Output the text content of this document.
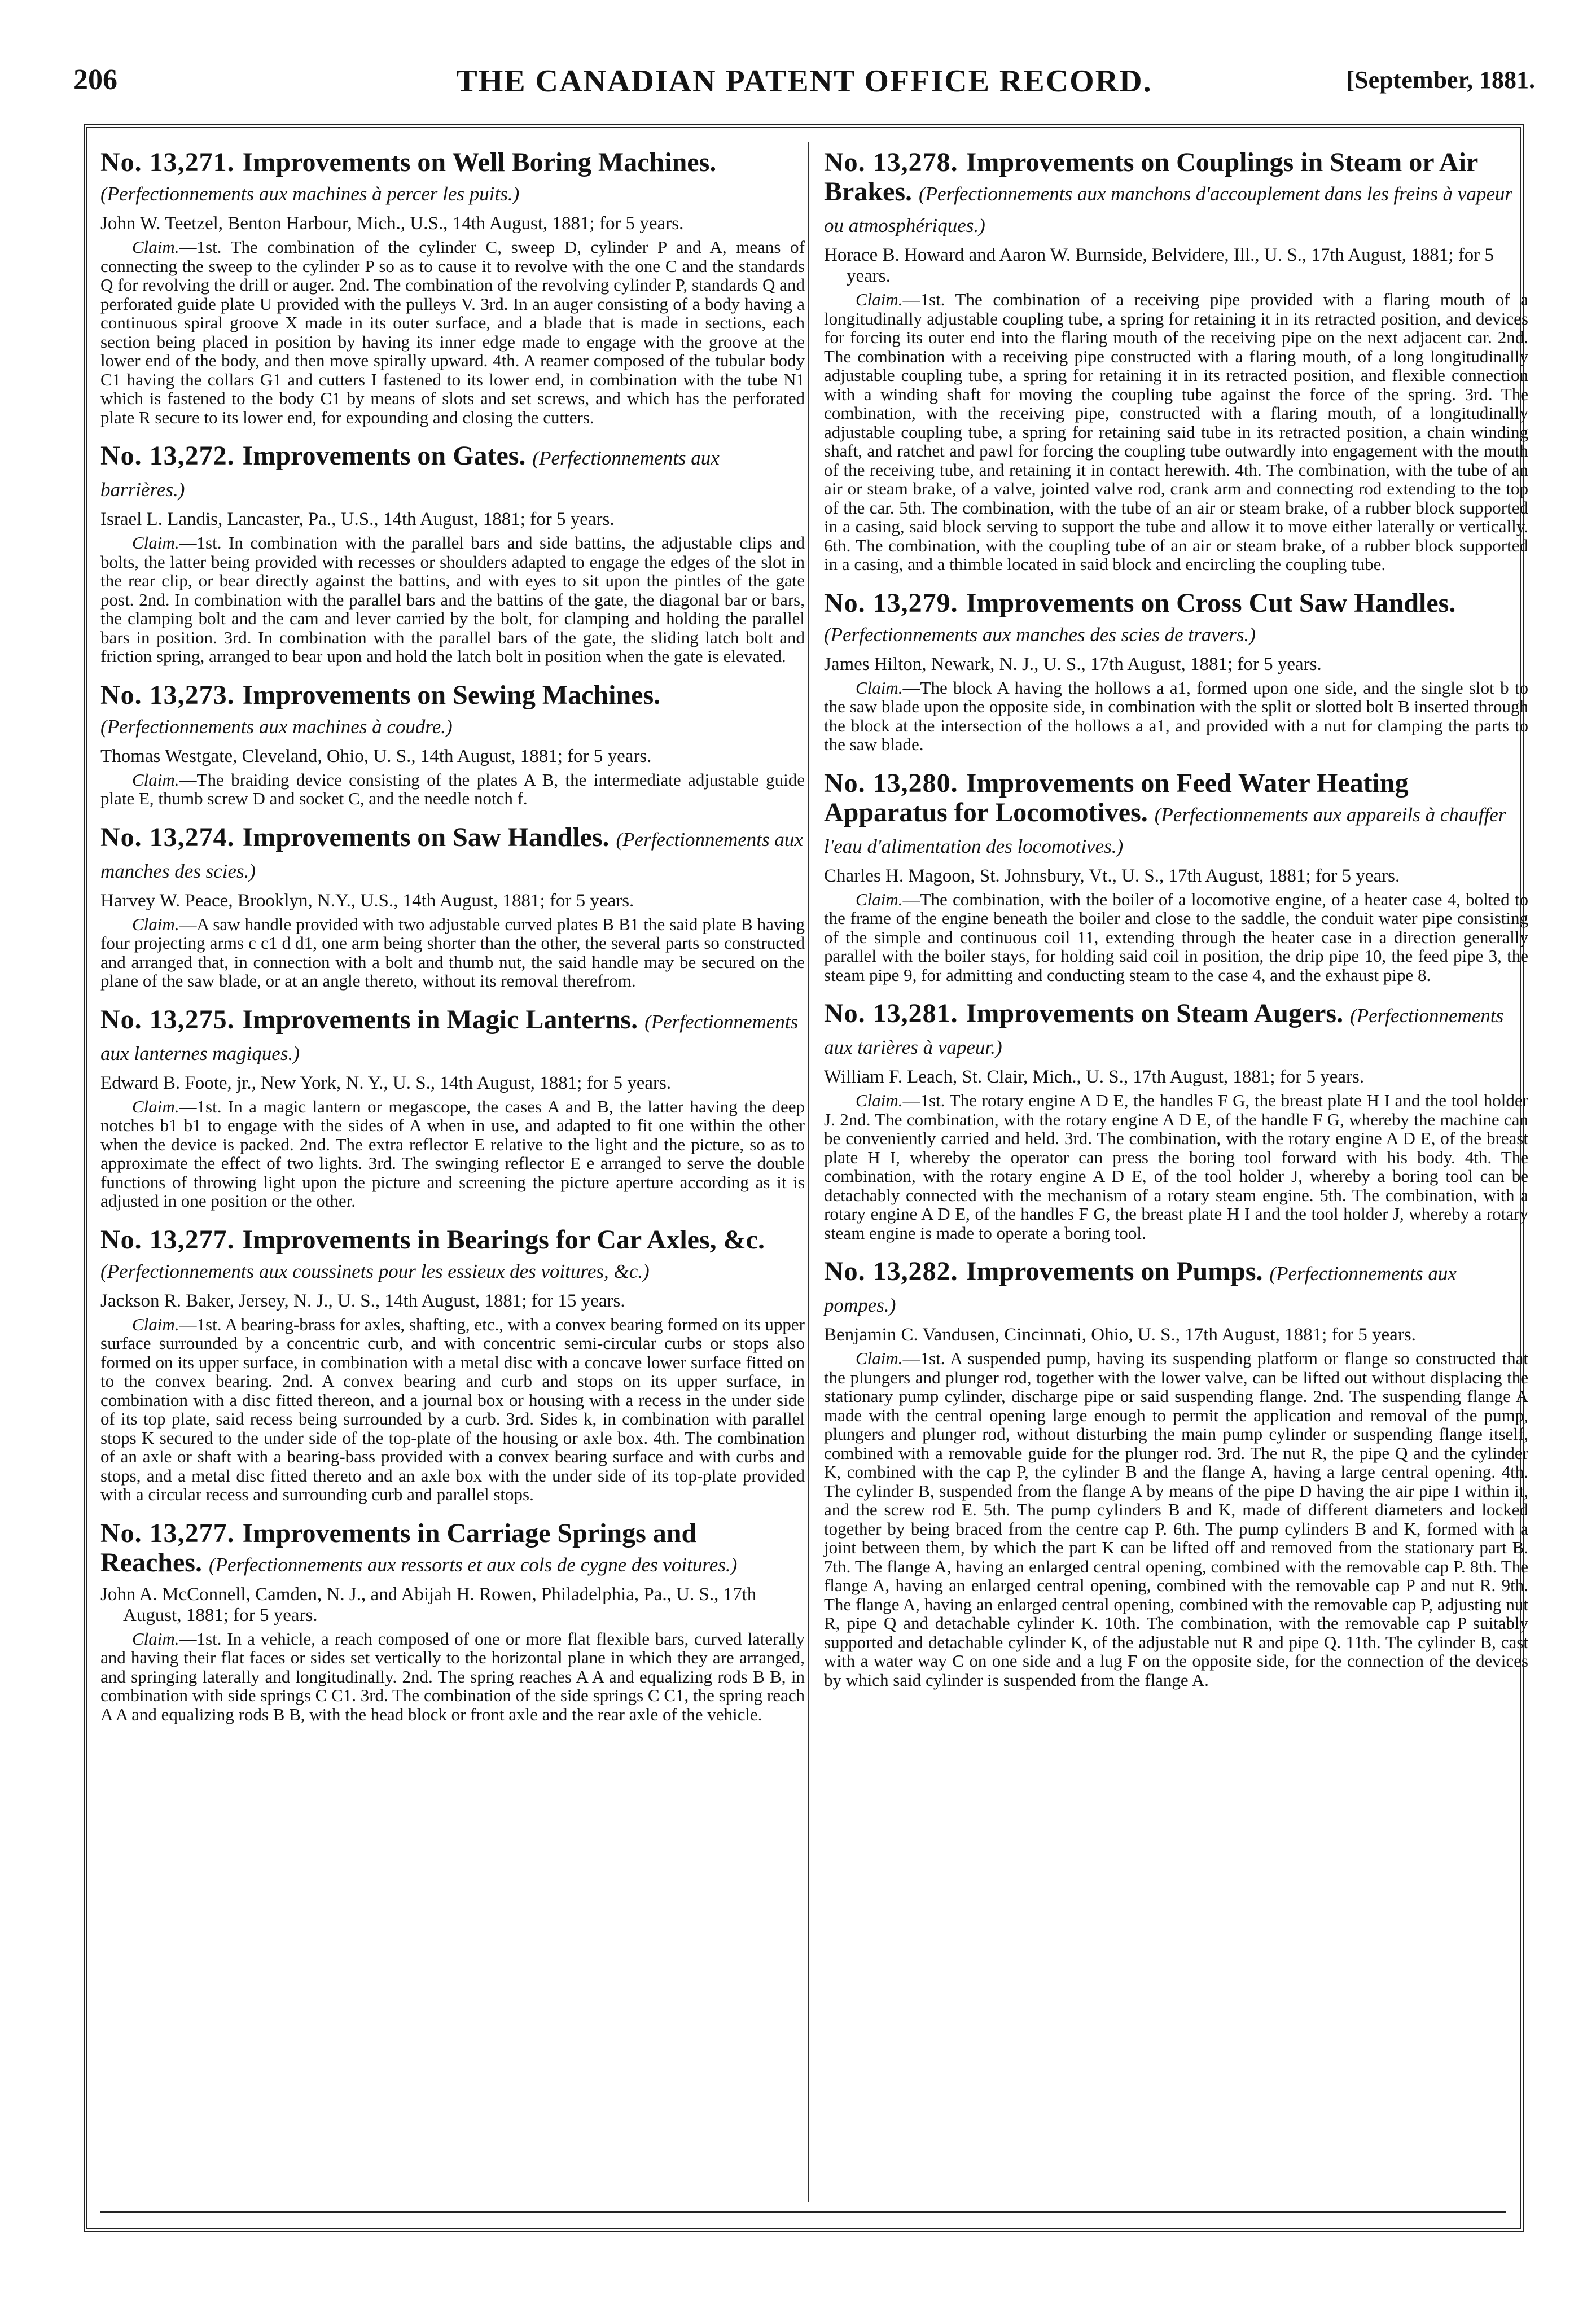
206	THE CANADIAN PATENT OFFICE RECORD.	[September, 1881.
No. 13,271. Improvements on Well Boring Machines. (Perfectionnements aux machines à percer les puits.)

John W. Teetzel, Benton Harbour, Mich., U.S., 14th August, 1881; for 5 years.

Claim.—1st. The combination of the cylinder C, sweep D, cylinder P and A, means of connecting the sweep to the cylinder P so as to cause it to revolve with the one C and the standards Q for revolving the drill or auger. 2nd. The combination of the revolving cylinder P, standards Q and perforated guide plate U provided with the pulleys V. 3rd. In an auger consisting of a body having a continuous spiral groove X made in its outer surface, and a blade that is made in sections, each section being placed in position by having its inner edge made to engage with the groove at the lower end of the body, and then move spirally upward. 4th. A reamer composed of the tubular body C1 having the collars G1 and cutters I fastened to its lower end, in combination with the tube N1 which is fastened to the body C1 by means of slots and set screws, and which has the perforated plate R secure to its lower end, for expounding and closing the cutters.

No. 13,272. Improvements on Gates. (Perfectionnements aux barrières.)

Israel L. Landis, Lancaster, Pa., U.S., 14th August, 1881; for 5 years.

Claim.—1st. In combination with the parallel bars and side battins, the adjustable clips and bolts, the latter being provided with recesses or shoulders adapted to engage the edges of the slot in the rear clip, or bear directly against the battins, and with eyes to sit upon the pintles of the gate post. 2nd. In combination with the parallel bars and the battins of the gate, the diagonal bar or bars, the clamping bolt and the cam and lever carried by the bolt, for clamping and holding the parallel bars in position. 3rd. In combination with the parallel bars of the gate, the sliding latch bolt and friction spring, arranged to bear upon and hold the latch bolt in position when the gate is elevated.

No. 13,273. Improvements on Sewing Machines. (Perfectionnements aux machines à coudre.)

Thomas Westgate, Cleveland, Ohio, U. S., 14th August, 1881; for 5 years.

Claim.—The braiding device consisting of the plates A B, the intermediate adjustable guide plate E, thumb screw D and socket C, and the needle notch f.

No. 13,274. Improvements on Saw Handles. (Perfectionnements aux manches des scies.)

Harvey W. Peace, Brooklyn, N.Y., U.S., 14th August, 1881; for 5 years.

Claim.—A saw handle provided with two adjustable curved plates B B1 the said plate B having four projecting arms c c1 d d1, one arm being shorter than the other, the several parts so constructed and arranged that, in connection with a bolt and thumb nut, the said handle may be secured on the plane of the saw blade, or at an angle thereto, without its removal therefrom.

No. 13,275. Improvements in Magic Lanterns. (Perfectionnements aux lanternes magiques.)

Edward B. Foote, jr., New York, N. Y., U. S., 14th August, 1881; for 5 years.

Claim.—1st. In a magic lantern or megascope, the cases A and B, the latter having the deep notches b1 b1 to engage with the sides of A when in use, and adapted to fit one within the other when the device is packed. 2nd. The extra reflector E relative to the light and the picture, so as to approximate the effect of two lights. 3rd. The swinging reflector E e arranged to serve the double functions of throwing light upon the picture and screening the picture aperture according as it is adjusted in one position or the other.

No. 13,277. Improvements in Bearings for Car Axles, &c. (Perfectionnements aux coussinets pour les essieux des voitures, &c.)

Jackson R. Baker, Jersey, N. J., U. S., 14th August, 1881; for 15 years.

Claim.—1st. A bearing-brass for axles, shafting, etc., with a convex bearing formed on its upper surface surrounded by a concentric curb, and with concentric semi-circular curbs or stops also formed on its upper surface, in combination with a metal disc with a concave lower surface fitted on to the convex bearing. 2nd. A convex bearing and curb and stops on its upper surface, in combination with a disc fitted thereon, and a journal box or housing with a recess in the under side of its top plate, said recess being surrounded by a curb. 3rd. Sides k, in combination with parallel stops K secured to the under side of the top-plate of the housing or axle box. 4th. The combination of an axle or shaft with a bearing-bass provided with a convex bearing surface and with curbs and stops, and a metal disc fitted thereto and an axle box with the under side of its top-plate provided with a circular recess and surrounding curb and parallel stops.

No. 13,277. Improvements in Carriage Springs and Reaches. (Perfectionnements aux ressorts et aux cols de cygne des voitures.)

John A. McConnell, Camden, N. J., and Abijah H. Rowen, Philadelphia, Pa., U. S., 17th August, 1881; for 5 years.

Claim.—1st. In a vehicle, a reach composed of one or more flat flexible bars, curved laterally and having their flat faces or sides set vertically to the horizontal plane in which they are arranged, and springing laterally and longitudinally. 2nd. The spring reaches A A and equalizing rods B B, in combination with side springs C C1. 3rd. The combination of the side springs C C1, the spring reach A A and equalizing rods B B, with the head block or front axle and the rear axle of the vehicle.

No. 13,278. Improvements on Couplings in Steam or Air Brakes. (Perfectionnements aux manchons d'accouplement dans les freins à vapeur ou atmosphériques.)

Horace B. Howard and Aaron W. Burnside, Belvidere, Ill., U. S., 17th August, 1881; for 5 years.

Claim.—1st. The combination of a receiving pipe provided with a flaring mouth of a longitudinally adjustable coupling tube, a spring for retaining it in its retracted position, and devices for forcing its outer end into the flaring mouth of the receiving pipe on the next adjacent car. 2nd. The combination with a receiving pipe constructed with a flaring mouth, of a long longitudinally adjustable coupling tube, a spring for retaining it in its retracted position, and flexible connection with a winding shaft for moving the coupling tube against the force of the spring. 3rd. The combination, with the receiving pipe, constructed with a flaring mouth, of a longitudinally adjustable coupling tube, a spring for retaining said tube in its retracted position, a chain winding shaft, and ratchet and pawl for forcing the coupling tube outwardly into engagement with the mouth of the receiving tube, and retaining it in contact herewith. 4th. The combination, with the tube of an air or steam brake, of a valve, jointed valve rod, crank arm and connecting rod extending to the top of the car. 5th. The combination, with the tube of an air or steam brake, of a rubber block supported in a casing, said block serving to support the tube and allow it to move either laterally or vertically. 6th. The combination, with the coupling tube of an air or steam brake, of a rubber block supported in a casing, and a thimble located in said block and encircling the coupling tube.

No. 13,279. Improvements on Cross Cut Saw Handles. (Perfectionnements aux manches des scies de travers.)

James Hilton, Newark, N. J., U. S., 17th August, 1881; for 5 years.

Claim.—The block A having the hollows a a1, formed upon one side, and the single slot b to the saw blade upon the opposite side, in combination with the split or slotted bolt B inserted through the block at the intersection of the hollows a a1, and provided with a nut for clamping the parts to the saw blade.

No. 13,280. Improvements on Feed Water Heating Apparatus for Locomotives. (Perfectionnements aux appareils à chauffer l'eau d'alimentation des locomotives.)

Charles H. Magoon, St. Johnsbury, Vt., U. S., 17th August, 1881; for 5 years.

Claim.—The combination, with the boiler of a locomotive engine, of a heater case 4, bolted to the frame of the engine beneath the boiler and close to the saddle, the conduit water pipe consisting of the simple and continuous coil 11, extending through the heater case in a direction generally parallel with the boiler stays, for holding said coil in position, the drip pipe 10, the feed pipe 3, the steam pipe 9, for admitting and conducting steam to the case 4, and the exhaust pipe 8.

No. 13,281. Improvements on Steam Augers. (Perfectionnements aux tarières à vapeur.)

William F. Leach, St. Clair, Mich., U. S., 17th August, 1881; for 5 years.

Claim.—1st. The rotary engine A D E, the handles F G, the breast plate H I and the tool holder J. 2nd. The combination, with the rotary engine A D E, of the handle F G, whereby the machine can be conveniently carried and held. 3rd. The combination, with the rotary engine A D E, of the breast plate H I, whereby the operator can press the boring tool forward with his body. 4th. The combination, with the rotary engine A D E, of the tool holder J, whereby a boring tool can be detachably connected with the mechanism of a rotary steam engine. 5th. The combination, with a rotary engine A D E, of the handles F G, the breast plate H I and the tool holder J, whereby a rotary steam engine is made to operate a boring tool.

No. 13,282. Improvements on Pumps. (Perfectionnements aux pompes.)

Benjamin C. Vandusen, Cincinnati, Ohio, U. S., 17th August, 1881; for 5 years.

Claim.—1st. A suspended pump, having its suspending platform or flange so constructed that the plungers and plunger rod, together with the lower valve, can be lifted out without displacing the stationary pump cylinder, discharge pipe or said suspending flange. 2nd. The suspending flange A made with the central opening large enough to permit the application and removal of the pump, plungers and plunger rod, without disturbing the main pump cylinder or suspending flange itself, combined with a removable guide for the plunger rod. 3rd. The nut R, the pipe Q and the cylinder K, combined with the cap P, the cylinder B and the flange A, having a large central opening. 4th. The cylinder B, suspended from the flange A by means of the pipe D having the air pipe I within it, and the screw rod E. 5th. The pump cylinders B and K, made of different diameters and locked together by being braced from the centre cap P. 6th. The pump cylinders B and K, formed with a joint between them, by which the part K can be lifted off and removed from the stationary part B. 7th. The flange A, having an enlarged central opening, combined with the removable cap P. 8th. The flange A, having an enlarged central opening, combined with the removable cap P and nut R. 9th. The flange A, having an enlarged central opening, combined with the removable cap P, adjusting nut R, pipe Q and detachable cylinder K. 10th. The combination, with the removable cap P suitably supported and detachable cylinder K, of the adjustable nut R and pipe Q. 11th. The cylinder B, cast with a water way C on one side and a lug F on the opposite side, for the connection of the devices by which said cylinder is suspended from the flange A.
